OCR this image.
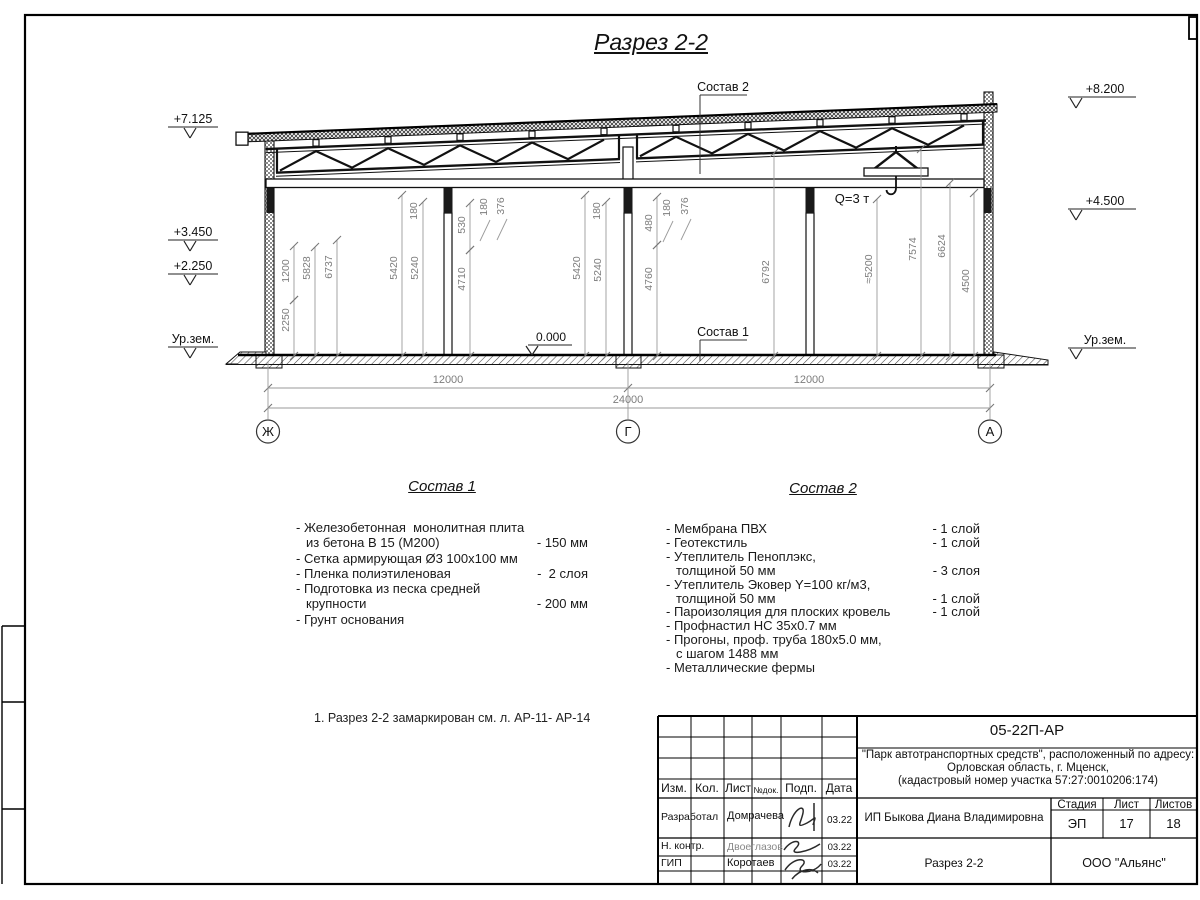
Состав 2
Состав 1
Q=3 т
0.000
+7.125
+3.450
+2.250
Ур.зем.
+8.200
+4.500
Ур.зем.
1200
2250
5828 6737	5420 5240
180
530
4710
180 376
5420 5240
180
480
4760
180 376
6792	≈5200
7574 6624
4500
12000	12000
24000
Ж	Г	А
Разрез 2-2
1. Разрез 2-2 замаркирован см. л. АР-11- АР-14
Состав 1
- Железобетонная  монолитная плита
из бетона В 15 (М200)	- 150 мм
- Сетка армирующая Ø3 100х100 мм
- Пленка полиэтиленовая	-  2 слоя
- Подготовка из песка средней
крупности	- 200 мм
- Грунт основания
Состав 2
- Мембрана ПВХ	- 1 слой
- Геотекстиль	- 1 слой
- Утеплитель Пеноплэкс,
толщиной 50 мм	- 3 слоя
- Утеплитель Эковер Y=100 кг/м3,
толщиной 50 мм	- 1 слой
- Пароизоляция для плоских кровель	- 1 слой
- Профнастил НС 35х0.7 мм
- Прогоны, проф. труба 180х5.0 мм,
с шагом 1488 мм
- Металлические фермы
05-22П-АР
"Парк автотранспортных средств", расположенный по адресу:
Орловская область, г. Мценск,
(кадастровый номер участка 57:27:0010206:174)
Изм. Кол. Лист №док. Подп. Дата
Разработал Домрачева	03.22
Н. контр. Двоеглазов	03.22
ГИП	Коротаев	03.22
ИП Быкова Диана Владимировна
Стадия	Лист	Листов
ЭП	17	18
Разрез 2-2	ООО "Альянс"
